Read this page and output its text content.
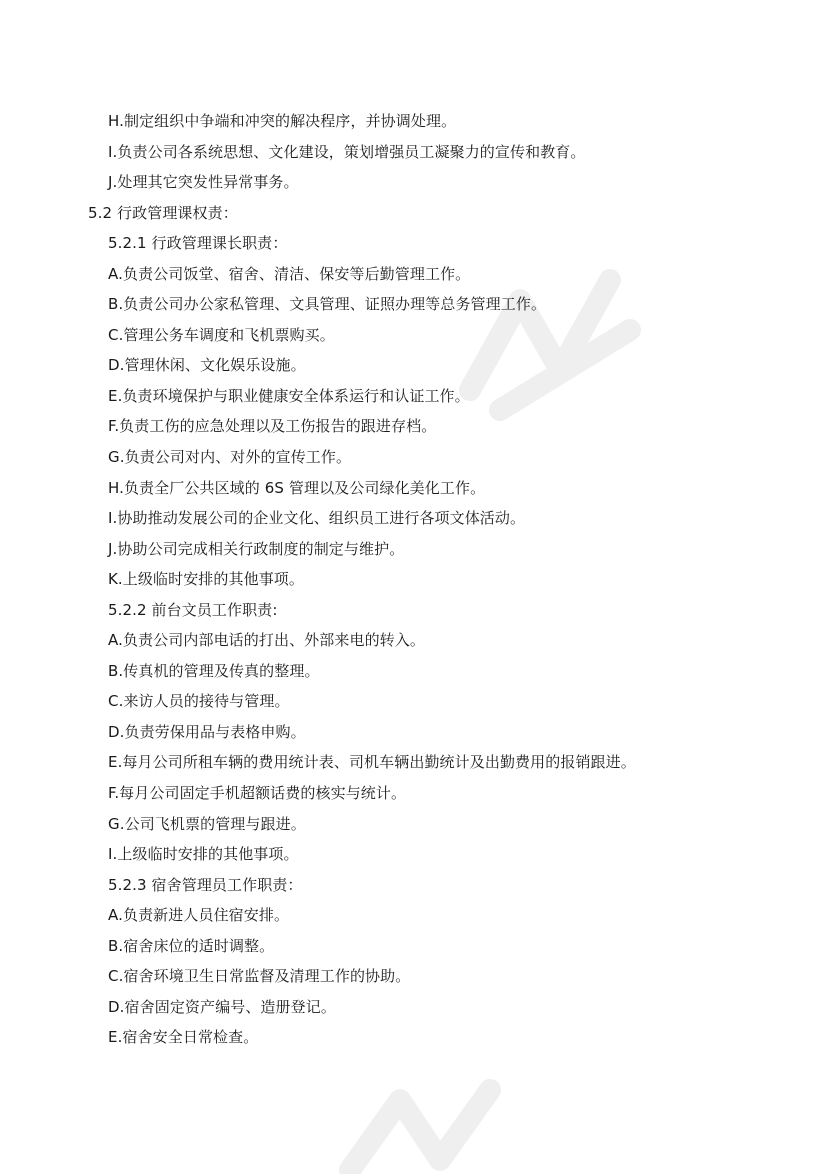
H.制定组织中争端和冲突的解决程序，并协调处理。
I.负责公司各系统思想、文化建设，策划增强员工凝聚力的宣传和教育。
J.处理其它突发性异常事务。
5.2 行政管理课权责：
5.2.1 行政管理课长职责：
A.负责公司饭堂、宿舍、清洁、保安等后勤管理工作。
B.负责公司办公家私管理、文具管理、证照办理等总务管理工作。
C.管理公务车调度和飞机票购买。
D.管理休闲、文化娱乐设施。
E.负责环境保护与职业健康安全体系运行和认证工作。
F.负责工伤的应急处理以及工伤报告的跟进存档。
G.负责公司对内、对外的宣传工作。
H.负责全厂公共区域的 6S 管理以及公司绿化美化工作。
I.协助推动发展公司的企业文化、组织员工进行各项文体活动。
J.协助公司完成相关行政制度的制定与维护。
K.上级临时安排的其他事项。
5.2.2 前台文员工作职责:
A.负责公司内部电话的打出、外部来电的转入。
B.传真机的管理及传真的整理。
C.来访人员的接待与管理。
D.负责劳保用品与表格申购。
E.每月公司所租车辆的费用统计表、司机车辆出勤统计及出勤费用的报销跟进。
F.每月公司固定手机超额话费的核实与统计。
G.公司飞机票的管理与跟进。
I.上级临时安排的其他事项。
5.2.3 宿舍管理员工作职责：
A.负责新进人员住宿安排。
B.宿舍床位的适时调整。
C.宿舍环境卫生日常监督及清理工作的协助。
D.宿舍固定资产编号、造册登记。
E.宿舍安全日常检查。
